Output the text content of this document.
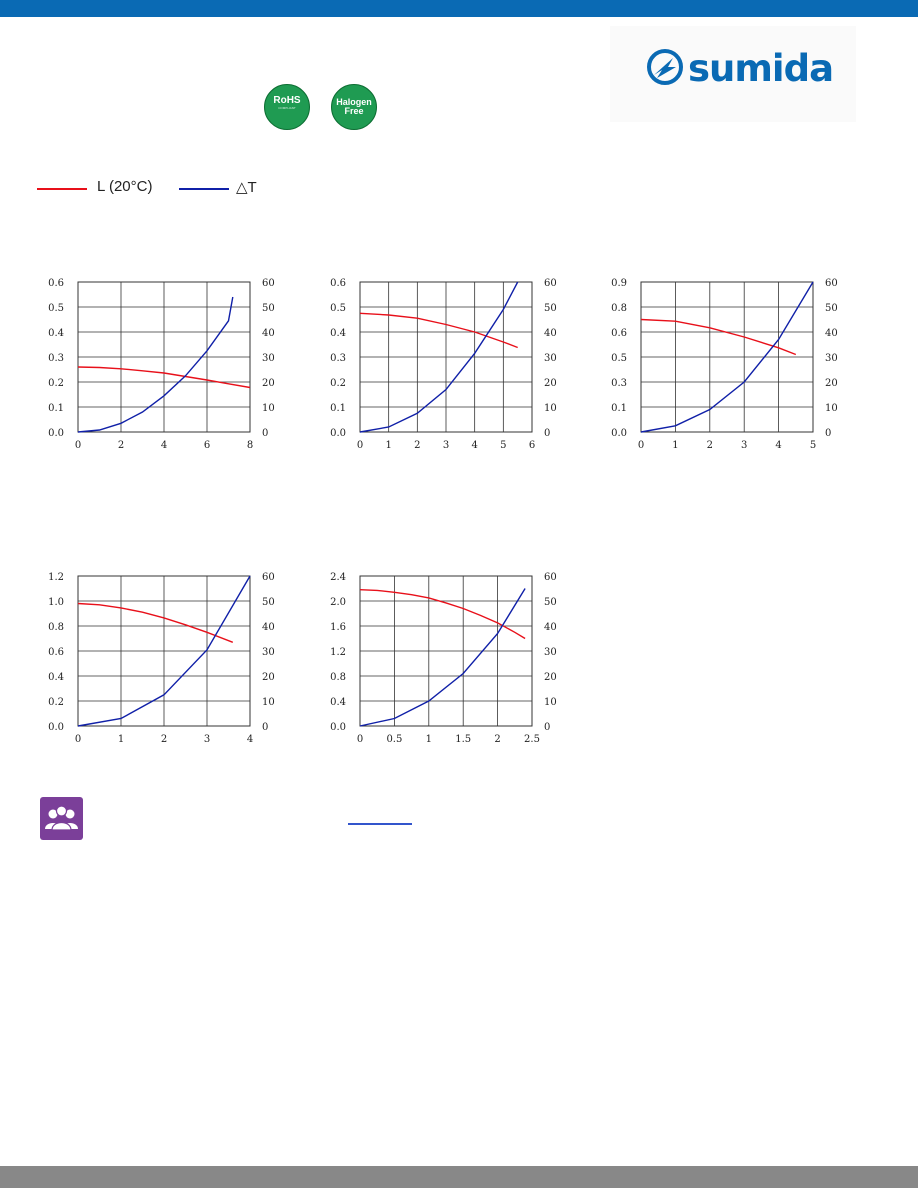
sumida
RoHS
COMPLIANT
Halogen
Free
L (20°C)	△T
0	2	4	6	8
0.0	0
0.1	10
0.2	20
0.3	30
0.4	40
0.5	50
0.6	60
0 1 2 3 4 5 6
0.0	0
0.1	10
0.2	20
0.3	30
0.4	40
0.5	50
0.6	60
0	1	2	3	4	5
0.0	0
0.1	10
0.3	20
0.5	30
0.6	40
0.8	50
0.9	60
0	1	2	3	4
0.0	0
0.2	10
0.4	20
0.6	30
0.8	40
1.0	50
1.2	60
0 0.5 1 1.5 2 2.5
0.0	0
0.4	10
0.8	20
1.2	30
1.6	40
2.0	50
2.4	60
